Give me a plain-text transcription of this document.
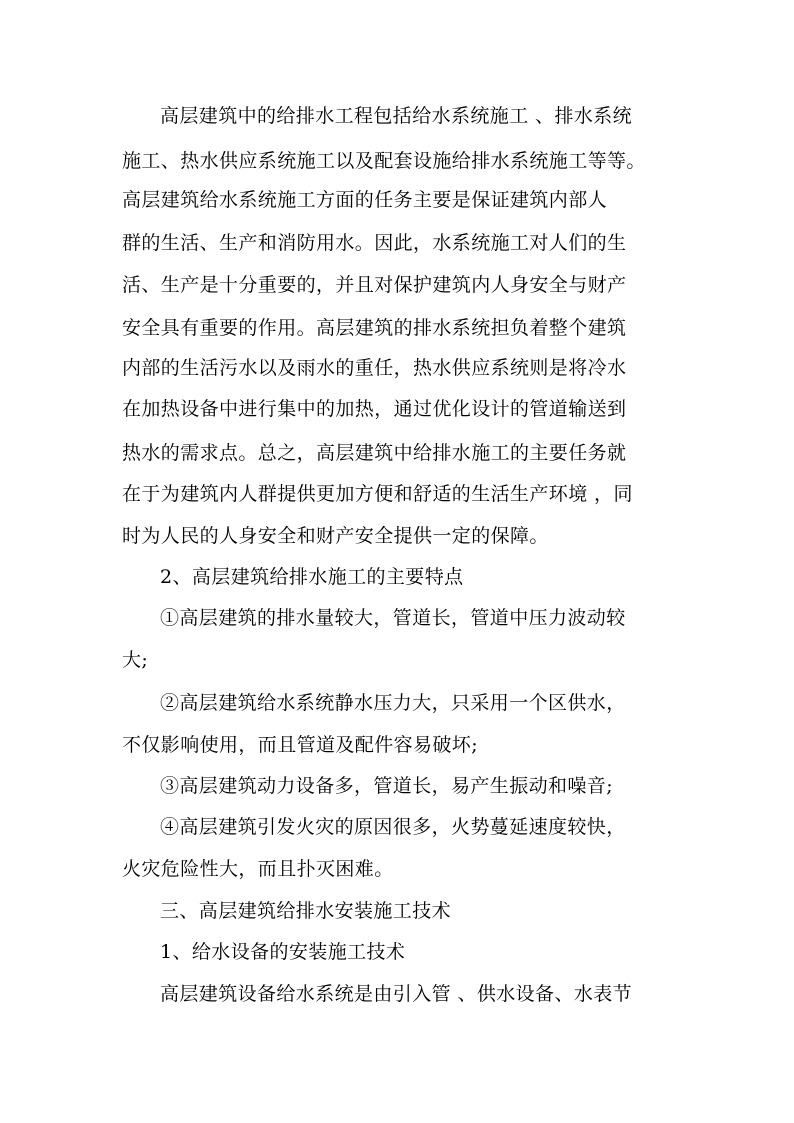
高层建筑中的给排水工程包括给水系统施工 、排水系统
施工、热水供应系统施工以及配套设施给排水系统施工等等。
高层建筑给水系统施工方面的任务主要是保证建筑内部人
群的生活、生产和消防用水。因此，水系统施工对人们的生
活、生产是十分重要的，并且对保护建筑内人身安全与财产
安全具有重要的作用。高层建筑的排水系统担负着整个建筑
内部的生活污水以及雨水的重任，热水供应系统则是将冷水
在加热设备中进行集中的加热，通过优化设计的管道输送到
热水的需求点。总之，高层建筑中给排水施工的主要任务就
在于为建筑内人群提供更加方便和舒适的生活生产环境 ，同
时为人民的人身安全和财产安全提供一定的保障。
2、高层建筑给排水施工的主要特点
①高层建筑的排水量较大，管道长，管道中压力波动较
大;
②高层建筑给水系统静水压力大，只采用一个区供水，
不仅影响使用，而且管道及配件容易破坏;
③高层建筑动力设备多，管道长，易产生振动和噪音;
④高层建筑引发火灾的原因很多，火势蔓延速度较快，
火灾危险性大，而且扑灭困难。
三、高层建筑给排水安装施工技术
1、给水设备的安装施工技术
高层建筑设备给水系统是由引入管 、供水设备、水表节
